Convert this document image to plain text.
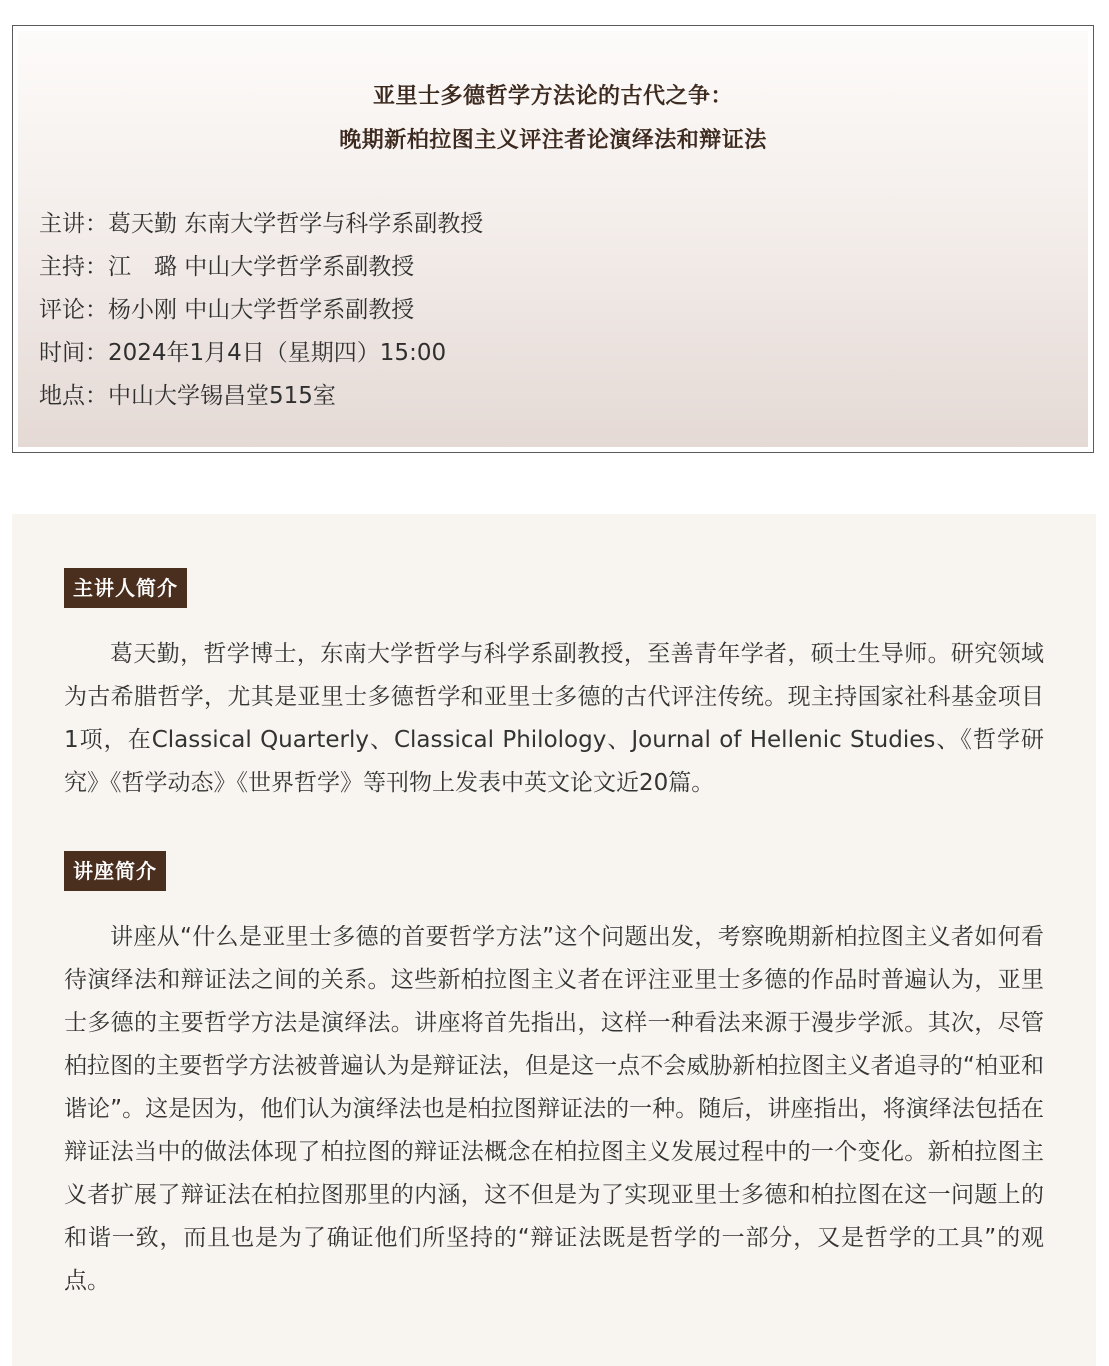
亚里士多德哲学方法论的古代之争：
晚期新柏拉图主义评注者论演绎法和辩证法
主讲：葛天勤 东南大学哲学与科学系副教授
主持：江　璐 中山大学哲学系副教授
评论：杨小刚 中山大学哲学系副教授
时间：2024年1月4日（星期四）15:00
地点：中山大学锡昌堂515室
主讲人简介

葛天勤，哲学博士，东南大学哲学与科学系副教授，至善青年学者，硕士生导师。研究领域为古希腊哲学，尤其是亚里士多德哲学和亚里士多德的古代评注传统。现主持国家社科基金项目1项，在Classical Quarterly、Classical Philology、Journal of Hellenic Studies、《哲学研究》《哲学动态》《世界哲学》等刊物上发表中英文论文近20篇。

讲座简介

讲座从“什么是亚里士多德的首要哲学方法”这个问题出发，考察晚期新柏拉图主义者如何看待演绎法和辩证法之间的关系。这些新柏拉图主义者在评注亚里士多德的作品时普遍认为，亚里士多德的主要哲学方法是演绎法。讲座将首先指出，这样一种看法来源于漫步学派。其次，尽管柏拉图的主要哲学方法被普遍认为是辩证法，但是这一点不会威胁新柏拉图主义者追寻的“柏亚和谐论”。这是因为，他们认为演绎法也是柏拉图辩证法的一种。随后，讲座指出，将演绎法包括在辩证法当中的做法体现了柏拉图的辩证法概念在柏拉图主义发展过程中的一个变化。新柏拉图主义者扩展了辩证法在柏拉图那里的内涵，这不但是为了实现亚里士多德和柏拉图在这一问题上的和谐一致，而且也是为了确证他们所坚持的“辩证法既是哲学的一部分，又是哲学的工具”的观点。
